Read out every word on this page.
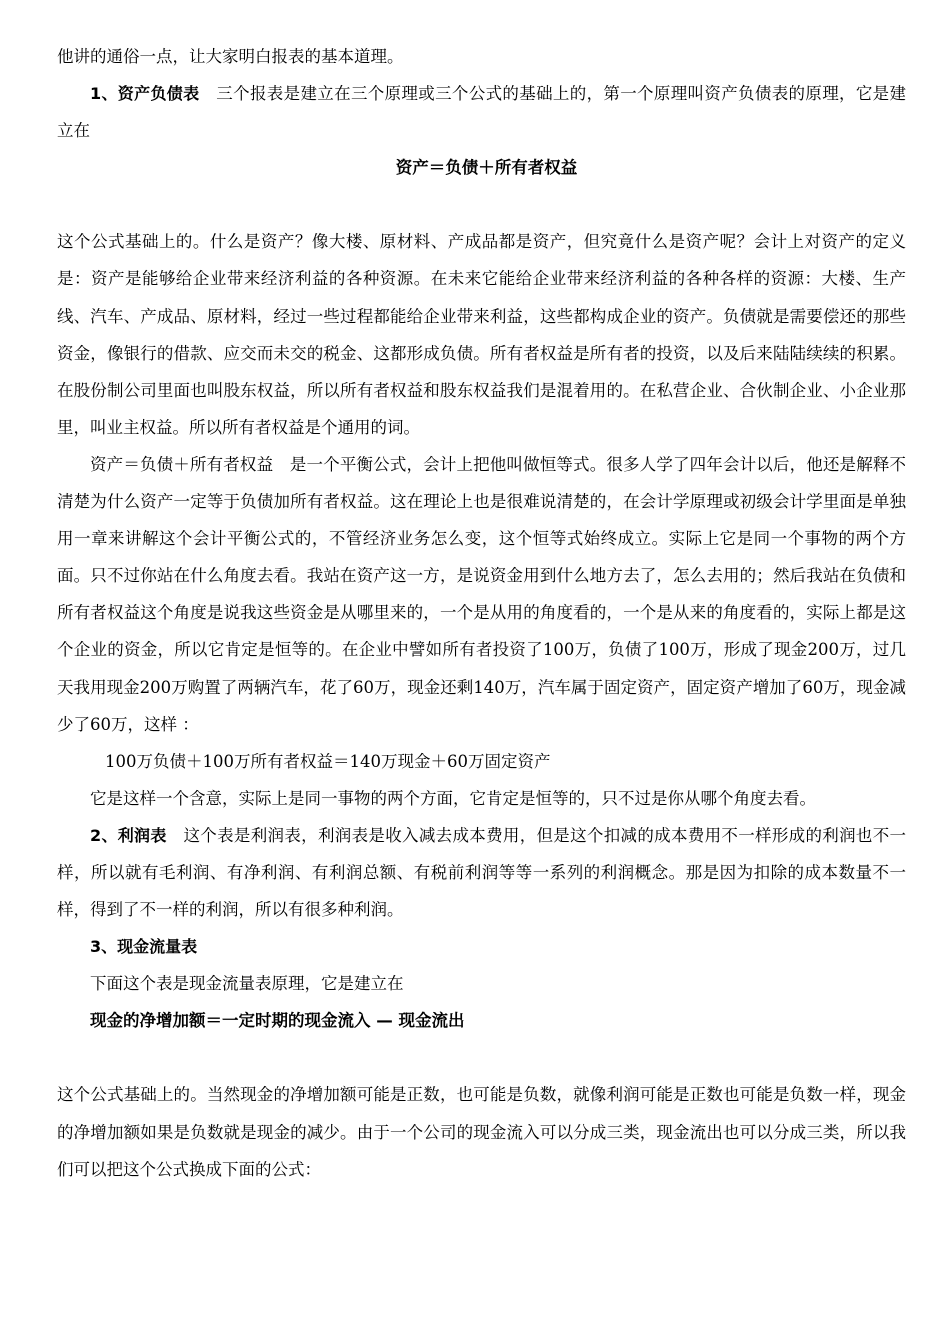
他讲的通俗一点，让大家明白报表的基本道理。

1、资产负债表　 三个报表是建立在三个原理或三个公式的基础上的，第一个原理叫资产负债表的原理，它是建立在

资产＝负债＋所有者权益

这个公式基础上的。什么是资产？像大楼、原材料、产成品都是资产，但究竟什么是资产呢？会计上对资产的定义是：资产是能够给企业带来经济利益的各种资源。在未来它能给企业带来经济利益的各种各样的资源：大楼、生产线、汽车、产成品、原材料，经过一些过程都能给企业带来利益，这些都构成企业的资产。负债就是需要偿还的那些资金，像银行的借款、应交而未交的税金、这都形成负债。所有者权益是所有者的投资，以及后来陆陆续续的积累。在股份制公司里面也叫股东权益，所以所有者权益和股东权益我们是混着用的。在私营企业、合伙制企业、小企业那里，叫业主权益。所以所有者权益是个通用的词。

资产＝负债＋所有者权益　是一个平衡公式，会计上把他叫做恒等式。很多人学了四年会计以后，他还是解释不清楚为什么资产一定等于负债加所有者权益。这在理论上也是很难说清楚的，在会计学原理或初级会计学里面是单独用一章来讲解这个会计平衡公式的，不管经济业务怎么变，这个恒等式始终成立。实际上它是同一个事物的两个方面。只不过你站在什么角度去看。我站在资产这一方，是说资金用到什么地方去了，怎么去用的；然后我站在负债和所有者权益这个角度是说我这些资金是从哪里来的，一个是从用的角度看的，一个是从来的角度看的，实际上都是这个企业的资金，所以它肯定是恒等的。在企业中譬如所有者投资了100万，负债了100万，形成了现金200万，过几天我用现金200万购置了两辆汽车，花了60万，现金还剩140万，汽车属于固定资产，固定资产增加了60万，现金减少了60万，这样 ：

100万负债＋100万所有者权益＝140万现金＋60万固定资产

它是这样一个含意，实际上是同一事物的两个方面，它肯定是恒等的，只不过是你从哪个角度去看。

2、利润表　 这个表是利润表，利润表是收入减去成本费用，但是这个扣减的成本费用不一样形成的利润也不一样，所以就有毛利润、有净利润、有利润总额、有税前利润等等一系列的利润概念。那是因为扣除的成本数量不一样，得到了不一样的利润，所以有很多种利润。

3、现金流量表

下面这个表是现金流量表原理，它是建立在

现金的净增加额＝一定时期的现金流入 — 现金流出

这个公式基础上的。当然现金的净增加额可能是正数，也可能是负数，就像利润可能是正数也可能是负数一样，现金的净增加额如果是负数就是现金的减少。由于一个公司的现金流入可以分成三类，现金流出也可以分成三类，所以我们可以把这个公式换成下面的公式：
